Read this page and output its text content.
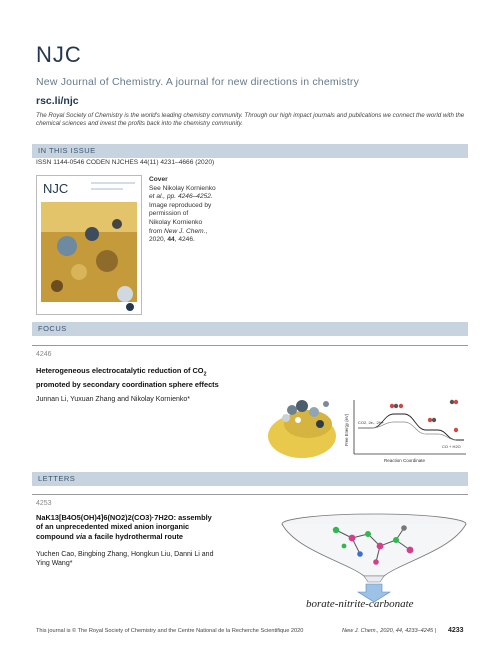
NJC
New Journal of Chemistry. A journal for new directions in chemistry
rsc.li/njc
The Royal Society of Chemistry is the world's leading chemistry community. Through our high impact journals and publications we connect the world with the chemical sciences and invest the profits back into the chemistry community.
IN THIS ISSUE
ISSN 1144-0546 CODEN NJCHES 44(11) 4231–4666 (2020)
NJC
Cover
See Nikolay Kornienko
et al., pp. 4246–4252.
Image reproduced by
permission of
Nikolay Kornienko
from New J. Chem.,
2020, 44, 4246.
FOCUS
4246
Heterogeneous electrocatalytic reduction of $CO_2$
promoted by secondary coordination sphere effects
Junnan Li, Yuxuan Zhang and Nikolay Kornienko*
Free Energy (eV)
Reaction Coordinate
CO2, 2e-, 2H+
CO + H2O
LETTERS
4253
NaK13[B4O5(OH)4]6(NO2)2(CO3)·7H2O: assembly
of an unprecedented mixed anion inorganic
compound via a facile hydrothermal route
Yuchen Cao, Bingbing Zhang, Hongkun Liu, Danni Li and
Ying Wang*
borate-nitrite-carbonate
This journal is © The Royal Society of Chemistry and the Centre National de la Recherche Scientifique 2020	New J. Chem., 2020, 44, 4233–4245 | 4233
